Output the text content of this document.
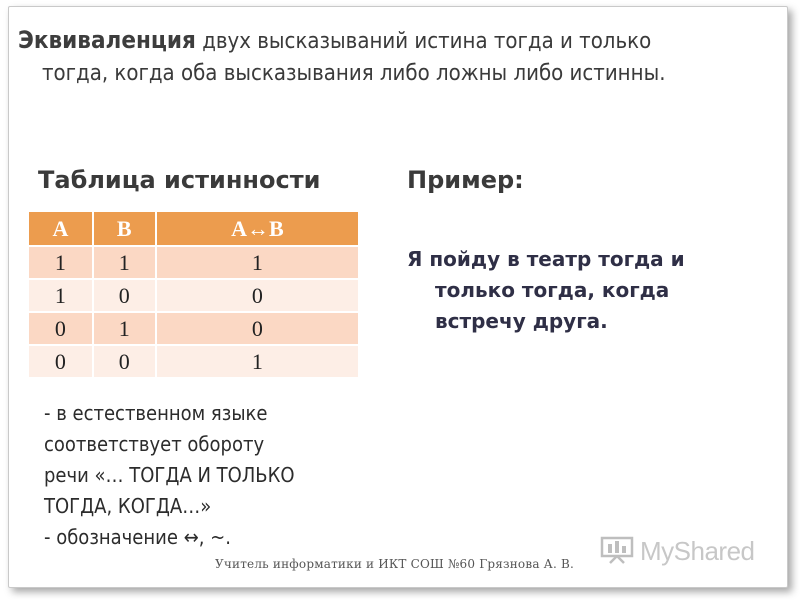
Эквиваленция двух высказываний истина тогда и только
тогда, когда оба высказывания либо ложны либо истинны.
Таблица истинности	Пример:
A	B	A↔B
1	1	1
1	0	0
0	1	0
0	0	1
Я пойду в театр тогда и
только тогда, когда
встречу друга.
- в естественном языке
соответствует обороту
речи «… ТОГДА И ТОЛЬКО
ТОГДА, КОГДА…»
- обозначение ↔, ~.
Учитель информатики и ИКТ СОШ №60 Грязнова А. В.	MyShared
